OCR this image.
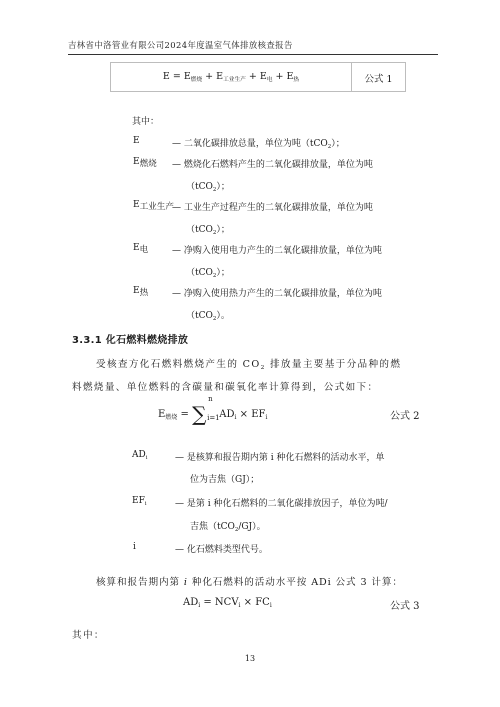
吉林省中洛管业有限公司2024年度温室气体排放核查报告
$E = E_{燃烧} + E_{工业生产} + E_电 + E_热$	公式 1
其中：
E	— 二氧化碳排放总量，单位为吨（tCO$_2$）；
$E_{燃烧}$ — 燃烧化石燃料产生的二氧化碳排放量，单位为吨
（tCO$_2$）；
$E_{工业生产}$
— 工业生产过程产生的二氧化碳排放量，单位为吨
（tCO$_2$）；
$E_电$	— 净购入使用电力产生的二氧化碳排放量，单位为吨
（tCO$_2$）；
$E_热$	— 净购入使用热力产生的二氧化碳排放量，单位为吨
（tCO$_2$）。
3.3.1 化石燃料燃烧排放
受核查方化石燃料燃烧产生的 $CO_2$ 排放量主要基于分品种的燃
料燃烧量、单位燃料的含碳量和碳氧化率计算得到，公式如下：
$E_{燃烧}$ = ∑
n
i=1 $AD_i \times EF_i$	公式 2
$AD_i$	— 是核算和报告期内第 i 种化石燃料的活动水平，单
位为吉焦（GJ）；
$EF_i$	— 是第 i 种化石燃料的二氧化碳排放因子，单位为吨/
吉焦（tCO$_2$/GJ）。
i	— 化石燃料类型代号。
核算和报告期内第 i 种化石燃料的活动水平按 ADi 公式 3 计算：
$AD_i = NCV_i \times FC_i$	公式 3
其中：
13
